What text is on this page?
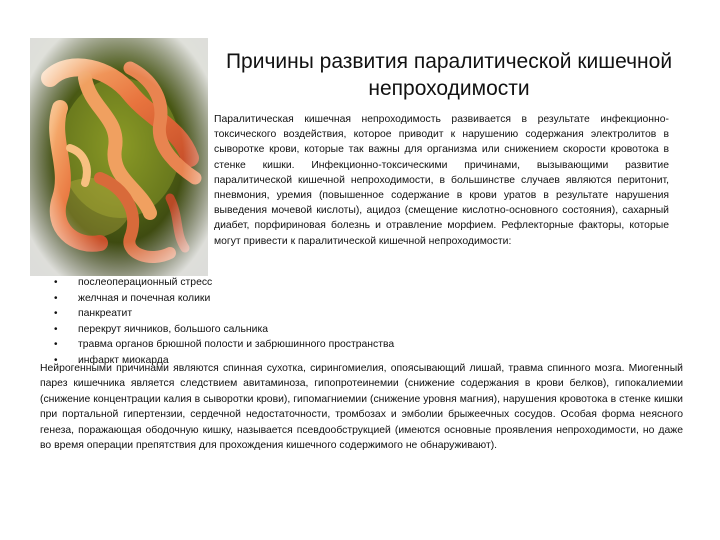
Причины развития паралитической кишечной непроходимости

Паралитическая кишечная непроходимость развивается в результате инфекционно-токсического воздействия, которое приводит к нарушению содержания электролитов в сыворотке крови, которые так важны для организма или снижением скорости кровотока в стенке кишки. Инфекционно-токсическими причинами, вызывающими развитие паралитической кишечной непроходимости, в большинстве случаев являются перитонит, пневмония, уремия (повышенное содержание в крови уратов в результате нарушения выведения мочевой кислоты), ацидоз (смещение кислотно-основного состояния), сахарный диабет, порфириновая болезнь и отравление морфием. Рефлекторные факторы, которые могут привести к паралитической кишечной непроходимости:

• послеоперационный стресс
• желчная и почечная колики
• панкреатит
• перекрут яичников, большого сальника
• травма органов брюшной полости и забрюшинного пространства
• инфаркт миокарда

Нейрогенными причинами являются спинная сухотка, сирингомиелия, опоясывающий лишай, травма спинного мозга. Миогенный парез кишечника является следствием авитаминоза, гипопротеинемии (снижение содержания в крови белков), гипокалиемии (снижение концентрации калия в сыворотки крови), гипомагниемии (снижение уровня магния), нарушения кровотока в стенке кишки при портальной гипертензии, сердечной недостаточности, тромбозах и эмболии брыжеечных сосудов. Особая форма неясного генеза, поражающая ободочную кишку, называется псевдообструкцией (имеются основные проявления непроходимости, но даже во время операции препятствия для прохождения кишечного содержимого не обнаруживают).
